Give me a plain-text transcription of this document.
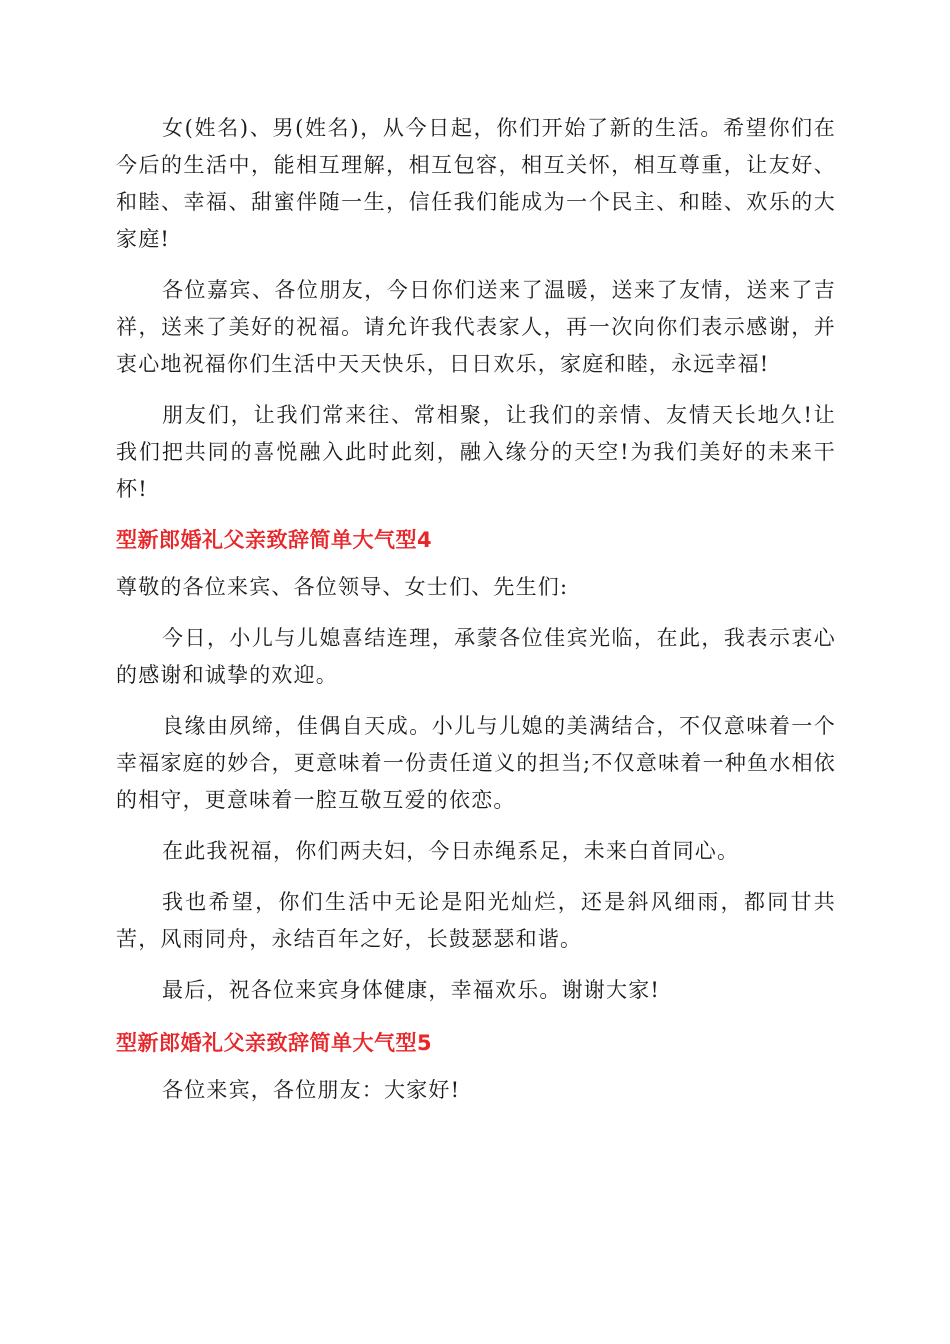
女(姓名)、男(姓名)，从今日起，你们开始了新的生活。希望你们在今后的生活中，能相互理解，相互包容，相互关怀，相互尊重，让友好、和睦、幸福、甜蜜伴随一生，信任我们能成为一个民主、和睦、欢乐的大家庭!

各位嘉宾、各位朋友，今日你们送来了温暖，送来了友情，送来了吉祥，送来了美好的祝福。请允许我代表家人，再一次向你们表示感谢，并衷心地祝福你们生活中天天快乐，日日欢乐，家庭和睦，永远幸福!

朋友们，让我们常来往、常相聚，让我们的亲情、友情天长地久!让我们把共同的喜悦融入此时此刻，融入缘分的天空!为我们美好的未来干杯!

型新郎婚礼父亲致辞简单大气型4

尊敬的各位来宾、各位领导、女士们、先生们:

今日，小儿与儿媳喜结连理，承蒙各位佳宾光临，在此，我表示衷心的感谢和诚挚的欢迎。

良缘由夙缔，佳偶自天成。小儿与儿媳的美满结合，不仅意味着一个幸福家庭的妙合，更意味着一份责任道义的担当;不仅意味着一种鱼水相依的相守，更意味着一腔互敬互爱的依恋。

在此我祝福，你们两夫妇，今日赤绳系足，未来白首同心。

我也希望，你们生活中无论是阳光灿烂，还是斜风细雨，都同甘共苦，风雨同舟，永结百年之好，长鼓瑟瑟和谐。

最后，祝各位来宾身体健康，幸福欢乐。谢谢大家!

型新郎婚礼父亲致辞简单大气型5

各位来宾，各位朋友：大家好!
